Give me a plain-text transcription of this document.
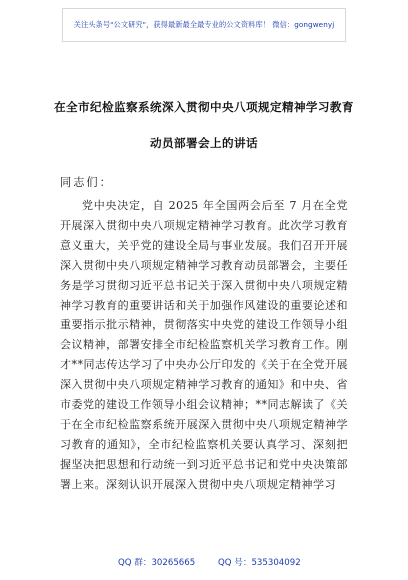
关注头条号"公文研究"，获得最新最全最专业的公文资料库！ 微信：gongwenyj
在全市纪检监察系统深入贯彻中央八项规定精神学习教育
动员部署会上的讲话
同志们：

党中央决定，自 2025 年全国两会后至 7 月在全党开展深入贯彻中央八项规定精神学习教育。此次学习教育意义重大，关乎党的建设全局与事业发展。我们召开开展深入贯彻中央八项规定精神学习教育动员部署会，主要任务是学习贯彻习近平总书记关于深入贯彻中央八项规定精神学习教育的重要讲话和关于加强作风建设的重要论述和重要指示批示精神，贯彻落实中央党的建设工作领导小组会议精神，部署安排全市纪检监察机关学习教育工作。刚才**同志传达学习了中央办公厅印发的《关于在全党开展深入贯彻中央八项规定精神学习教育的通知》和中央、省市委党的建设工作领导小组会议精神；**同志解读了《关于在全市纪检监察系统开展深入贯彻中央八项规定精神学习教育的通知》，全市纪检监察机关要认真学习、深刻把握坚决把思想和行动统一到习近平总书记和党中央决策部署上来。深刻认识开展深入贯彻中央八项规定精神学习

QQ 群：30265665	QQ 号：535304092
